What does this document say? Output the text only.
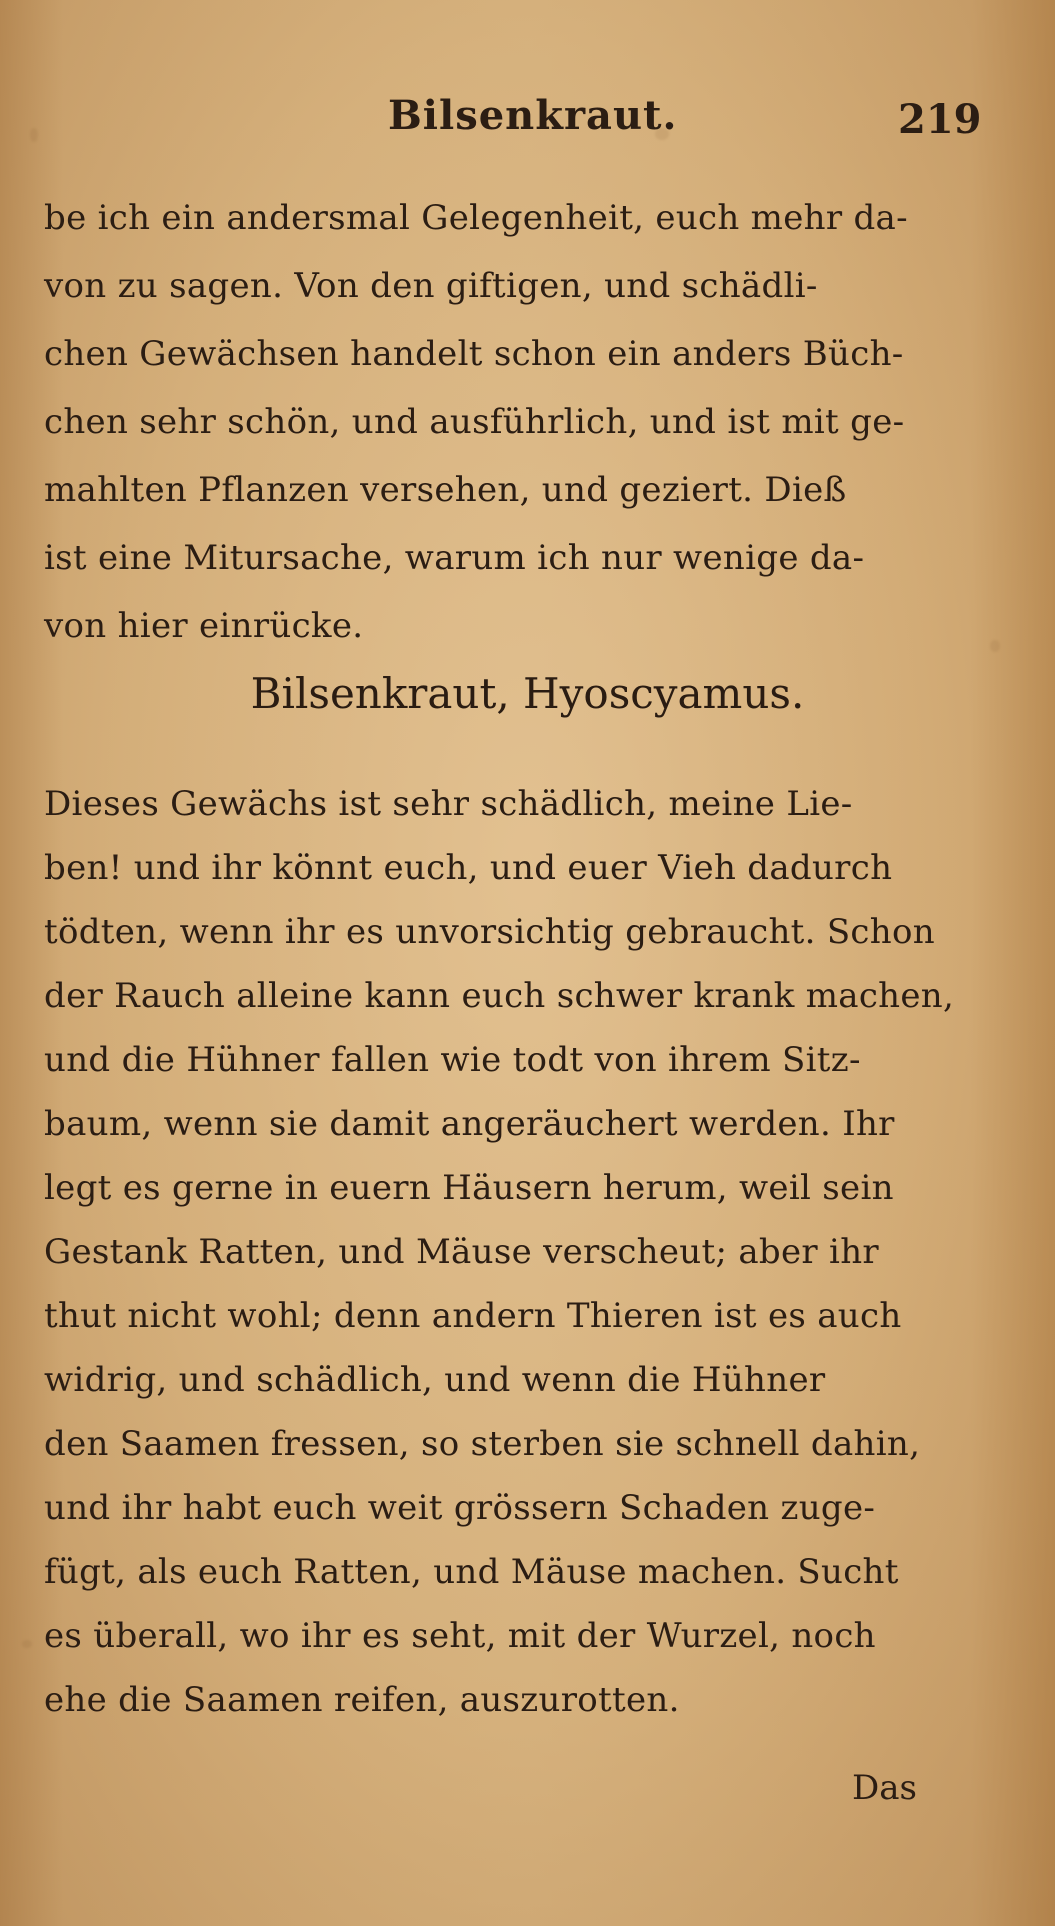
Bilsenkraut.	219
be ich ein andersmal Gelegenheit, euch mehr da-
von zu sagen. Von den giftigen, und schädli-
chen Gewächsen handelt schon ein anders Büch-
chen sehr schön, und ausführlich, und ist mit ge-
mahlten Pflanzen versehen, und geziert. Dieß
ist eine Mitursache, warum ich nur wenige da-
von hier einrücke.
Bilsenkraut, Hyoscyamus.
Dieses Gewächs ist sehr schädlich, meine Lie-
ben! und ihr könnt euch, und euer Vieh dadurch
tödten, wenn ihr es unvorsichtig gebraucht. Schon
der Rauch alleine kann euch schwer krank machen,
und die Hühner fallen wie todt von ihrem Sitz-
baum, wenn sie damit angeräuchert werden. Ihr
legt es gerne in euern Häusern herum, weil sein
Gestank Ratten, und Mäuse verscheut; aber ihr
thut nicht wohl; denn andern Thieren ist es auch
widrig, und schädlich, und wenn die Hühner
den Saamen fressen, so sterben sie schnell dahin,
und ihr habt euch weit grössern Schaden zuge-
fügt, als euch Ratten, und Mäuse machen. Sucht
es überall, wo ihr es seht, mit der Wurzel, noch
ehe die Saamen reifen, auszurotten.
Das
